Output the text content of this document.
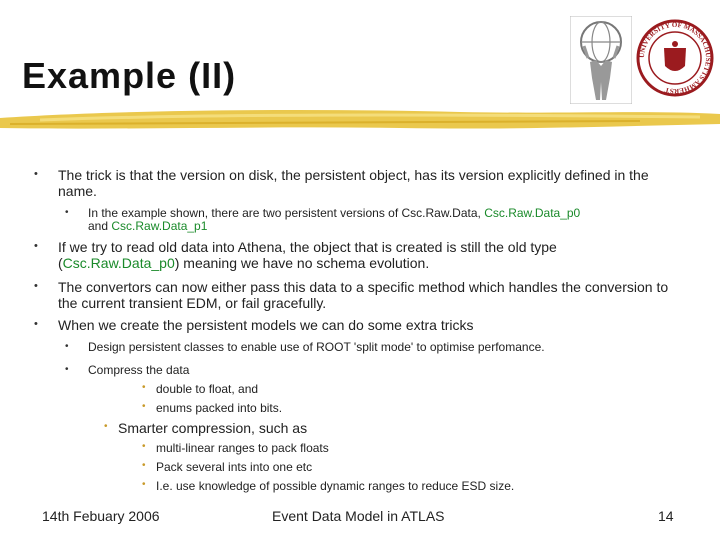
UNIVERSITY OF MASSACHUSETTS AMHERST
Example (II)
• The trick is that the version on disk, the persistent object, has its version explicitly defined in the name.
• In the example shown, there are two persistent versions of Csc.Raw.Data, Csc.Raw.Data_p0
and Csc.Raw.Data_p1
• If we try to read old data into Athena, the object that is created is still the old type (Csc.Raw.Data_p0) meaning we have no schema evolution.
• The convertors can now either pass this data to a specific method which handles the conversion to the current transient EDM, or fail gracefully.
• When we create the persistent models we can do some extra tricks
• Design persistent classes to enable use of ROOT 'split mode' to optimise perfomance.
• Compress the data
• double to float, and
• enums packed into bits.
• Smarter compression, such as
• multi-linear ranges to pack floats
• Pack several ints into one etc
• I.e. use knowledge of possible dynamic ranges to reduce ESD size.
14th Febuary 2006	Event Data Model in ATLAS	14
